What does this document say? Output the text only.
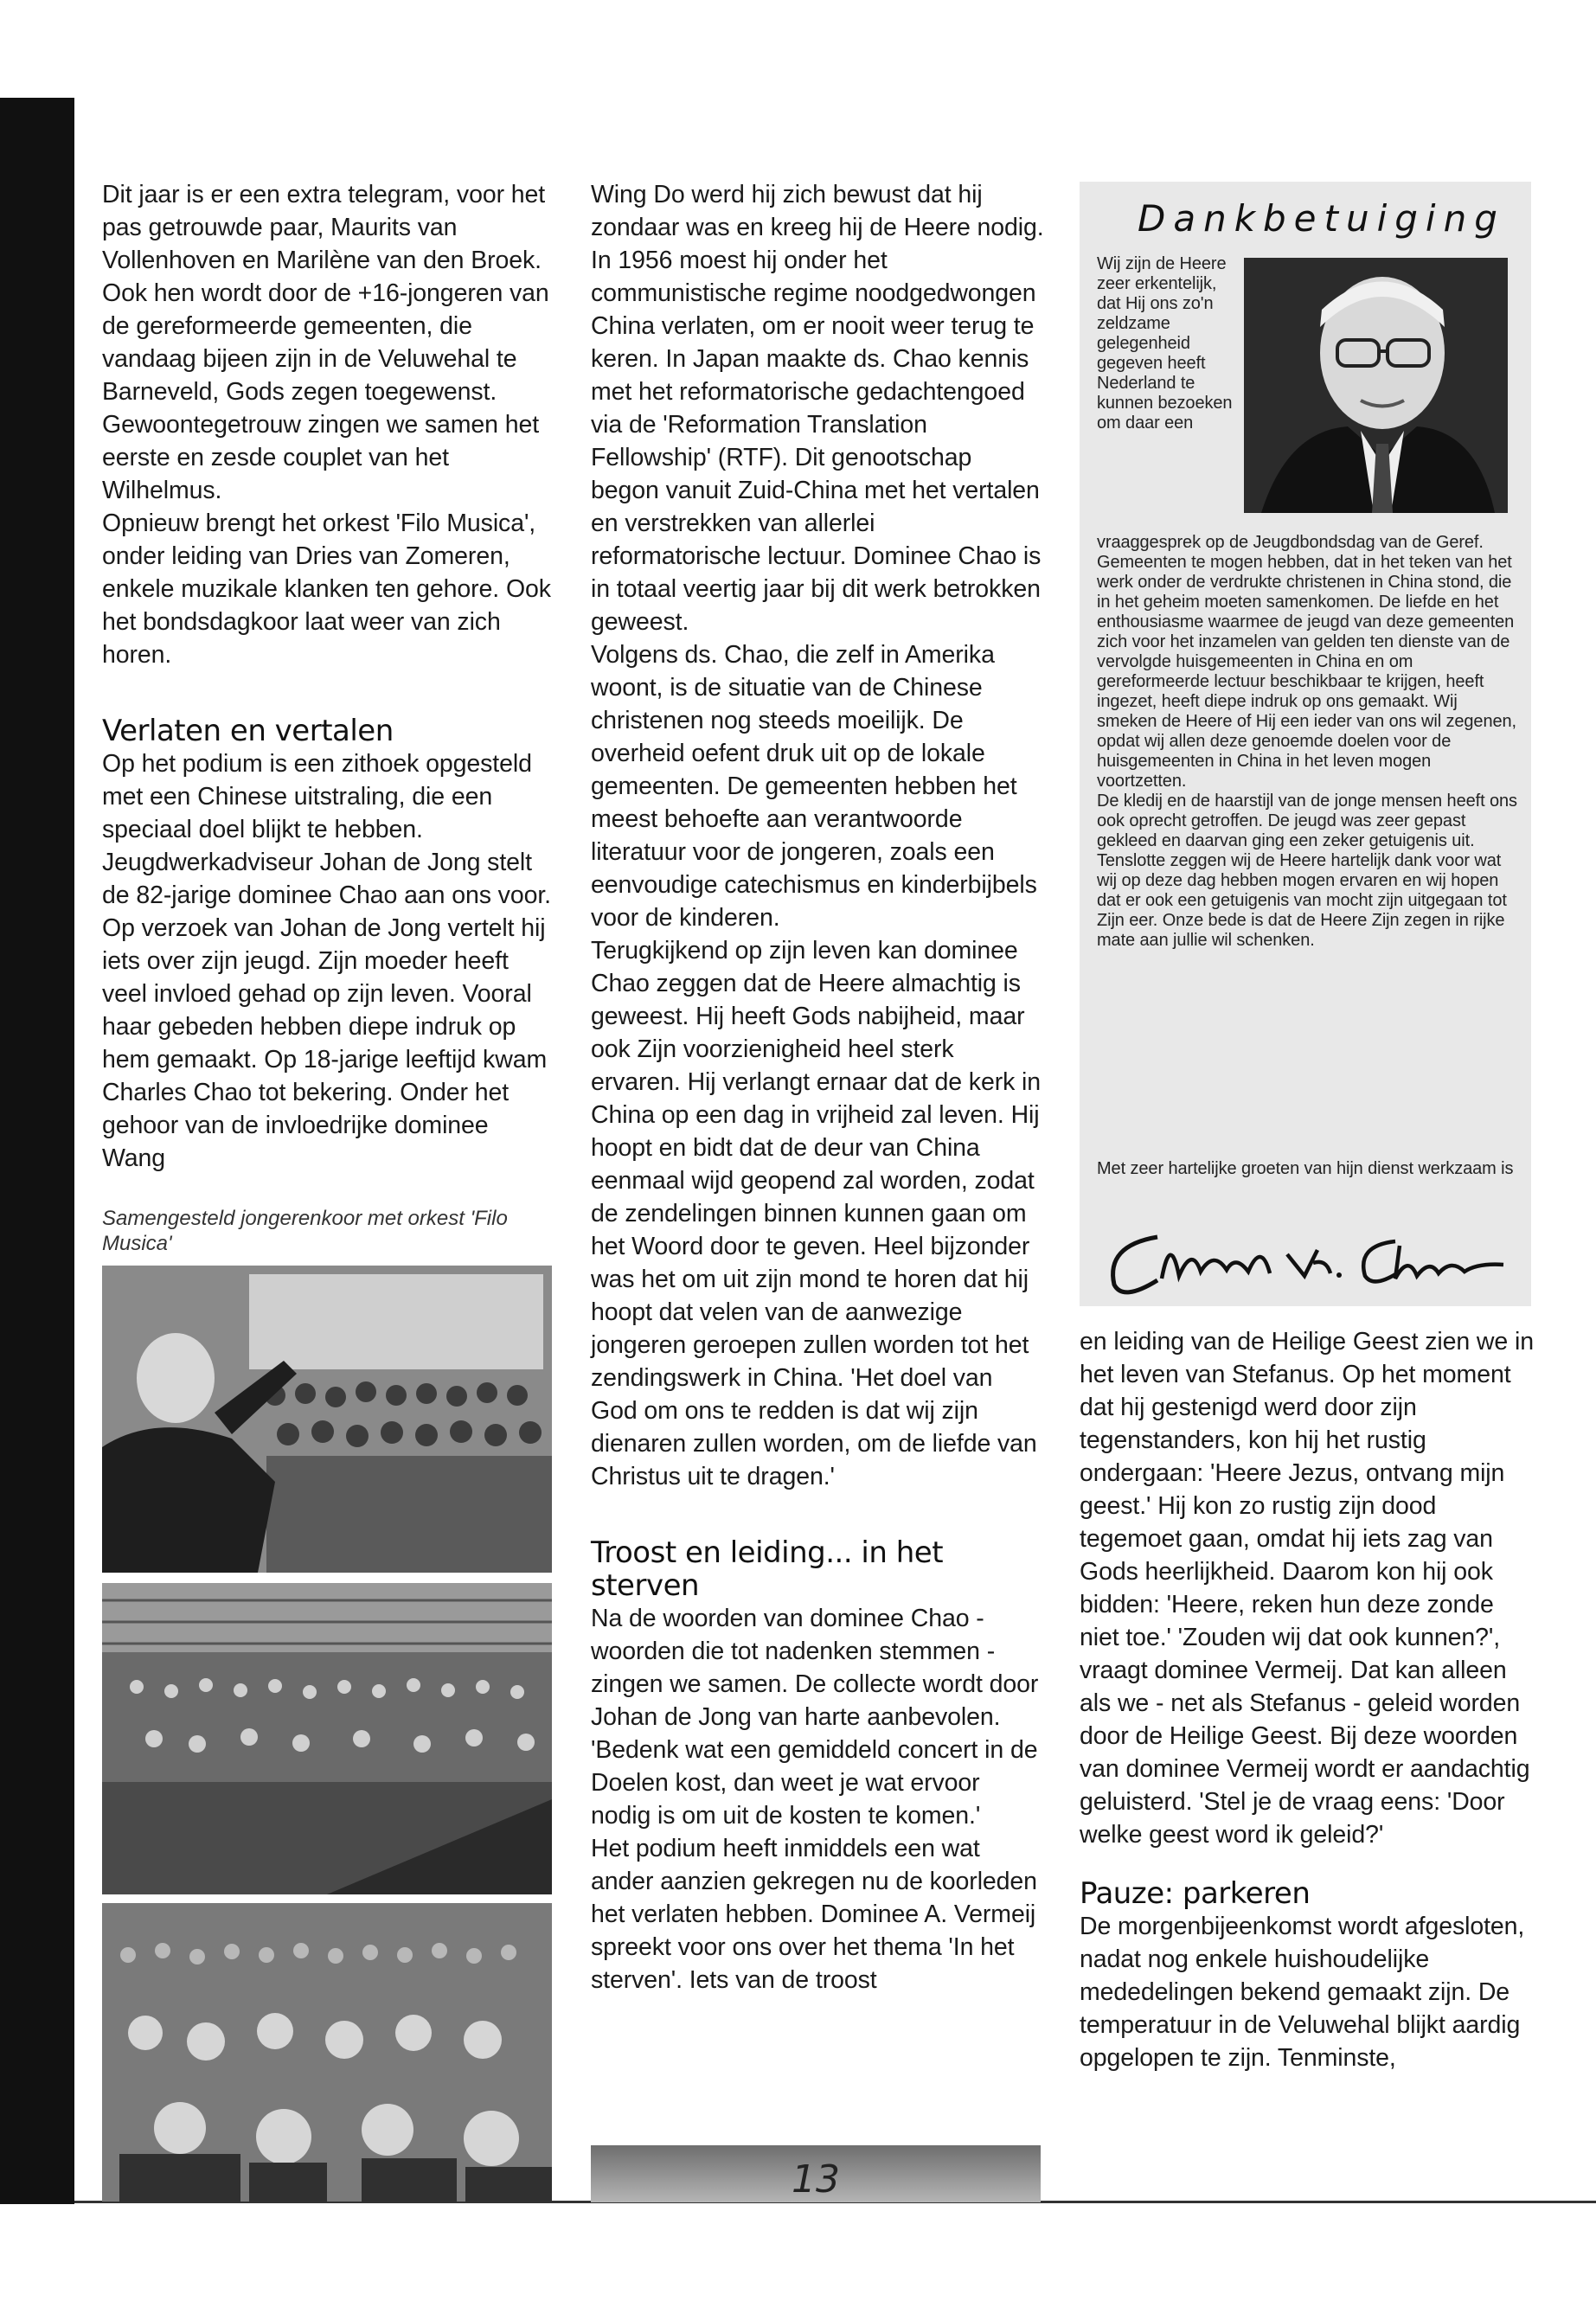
Dit jaar is er een extra telegram, voor het pas getrouwde paar, Maurits van Vollenhoven en Marilène van den Broek. Ook hen wordt door de +16-jongeren van de gereformeerde gemeenten, die vandaag bijeen zijn in de Veluwehal te Barneveld, Gods zegen toegewenst. Gewoontegetrouw zingen we samen het eerste en zesde couplet van het Wilhelmus.

Opnieuw brengt het orkest 'Filo Musica', onder leiding van Dries van Zomeren, enkele muzikale klanken ten gehore. Ook het bondsdagkoor laat weer van zich horen.

Verlaten en vertalen

Op het podium is een zithoek opgesteld met een Chinese uitstraling, die een speciaal doel blijkt te hebben. Jeugdwerkadviseur Johan de Jong stelt de 82-jarige dominee Chao aan ons voor. Op verzoek van Johan de Jong vertelt hij iets over zijn jeugd. Zijn moeder heeft veel invloed gehad op zijn leven. Vooral haar gebeden hebben diepe indruk op hem gemaakt. Op 18-jarige leeftijd kwam Charles Chao tot bekering. Onder het gehoor van de invloedrijke dominee Wang

Samengesteld jongerenkoor met orkest 'Filo Musica'

Wing Do werd hij zich bewust dat hij zondaar was en kreeg hij de Heere nodig.

In 1956 moest hij onder het communistische regime noodgedwongen China verlaten, om er nooit weer terug te keren. In Japan maakte ds. Chao kennis met het reformatorische gedachtengoed via de 'Reformation Translation Fellowship' (RTF). Dit genootschap begon vanuit Zuid-China met het vertalen en verstrekken van allerlei reformatorische lectuur. Dominee Chao is in totaal veertig jaar bij dit werk betrokken geweest.

Volgens ds. Chao, die zelf in Amerika woont, is de situatie van de Chinese christenen nog steeds moeilijk. De overheid oefent druk uit op de lokale gemeenten. De gemeenten hebben het meest behoefte aan verantwoorde literatuur voor de jongeren, zoals een eenvoudige catechismus en kinderbijbels voor de kinderen.

Terugkijkend op zijn leven kan dominee Chao zeggen dat de Heere almachtig is geweest. Hij heeft Gods nabijheid, maar ook Zijn voorzienigheid heel sterk ervaren. Hij verlangt ernaar dat de kerk in China op een dag in vrijheid zal leven. Hij hoopt en bidt dat de deur van China eenmaal wijd geopend zal worden, zodat de zendelingen binnen kunnen gaan om het Woord door te geven. Heel bijzonder was het om uit zijn mond te horen dat hij hoopt dat velen van de aanwezige jongeren geroepen zullen worden tot het zendingswerk in China. 'Het doel van God om ons te redden is dat wij zijn dienaren zullen worden, om de liefde van Christus uit te dragen.'

Troost en leiding... in het sterven

Na de woorden van dominee Chao - woorden die tot nadenken stemmen - zingen we samen. De collecte wordt door Johan de Jong van harte aanbevolen. 'Bedenk wat een gemiddeld concert in de Doelen kost, dan weet je wat ervoor nodig is om uit de kosten te komen.'

Het podium heeft inmiddels een wat ander aanzien gekregen nu de koorleden het verlaten hebben. Dominee A. Vermeij spreekt voor ons over het thema 'In het sterven'. Iets van de troost

Dankbetuiging
Wij zijn de Heere zeer erkentelijk, dat Hij ons zo'n zeldzame gelegenheid gegeven heeft Nederland te kunnen bezoeken om daar een

vraaggesprek op de Jeugdbondsdag van de Geref. Gemeenten te mogen hebben, dat in het teken van het werk onder de verdrukte christenen in China stond, die in het geheim moeten samenkomen. De liefde en het enthousiasme waarmee de jeugd van deze gemeenten zich voor het inzamelen van gelden ten dienste van de vervolgde huisgemeenten in China en om gereformeerde lectuur beschikbaar te krijgen, heeft ingezet, heeft diepe indruk op ons gemaakt. Wij smeken de Heere of Hij een ieder van ons wil zegenen, opdat wij allen deze genoemde doelen voor de huisgemeenten in China in het leven mogen voortzetten.

De kledij en de haarstijl van de jonge mensen heeft ons ook oprecht getroffen. De jeugd was zeer gepast gekleed en daarvan ging een zeker getuigenis uit. Tenslotte zeggen wij de Heere hartelijk dank voor wat wij op deze dag hebben mogen ervaren en wij hopen dat er ook een getuigenis van mocht zijn uitgegaan tot Zijn eer. Onze bede is dat de Heere Zijn zegen in rijke mate aan jullie wil schenken.

Met zeer hartelijke groeten van hijn dienst werkzaam is

en leiding van de Heilige Geest zien we in het leven van Stefanus. Op het moment dat hij gestenigd werd door zijn tegenstanders, kon hij het rustig ondergaan: 'Heere Jezus, ontvang mijn geest.' Hij kon zo rustig zijn dood tegemoet gaan, omdat hij iets zag van Gods heerlijkheid. Daarom kon hij ook bidden: 'Heere, reken hun deze zonde niet toe.' 'Zouden wij dat ook kunnen?', vraagt dominee Vermeij. Dat kan alleen als we - net als Stefanus - geleid worden door de Heilige Geest. Bij deze woorden van dominee Vermeij wordt er aandachtig geluisterd. 'Stel je de vraag eens: 'Door welke geest word ik geleid?'

Pauze: parkeren

De morgenbijeenkomst wordt afgesloten, nadat nog enkele huishoudelijke mededelingen bekend gemaakt zijn. De temperatuur in de Veluwehal blijkt aardig opgelopen te zijn. Tenminste,

13
